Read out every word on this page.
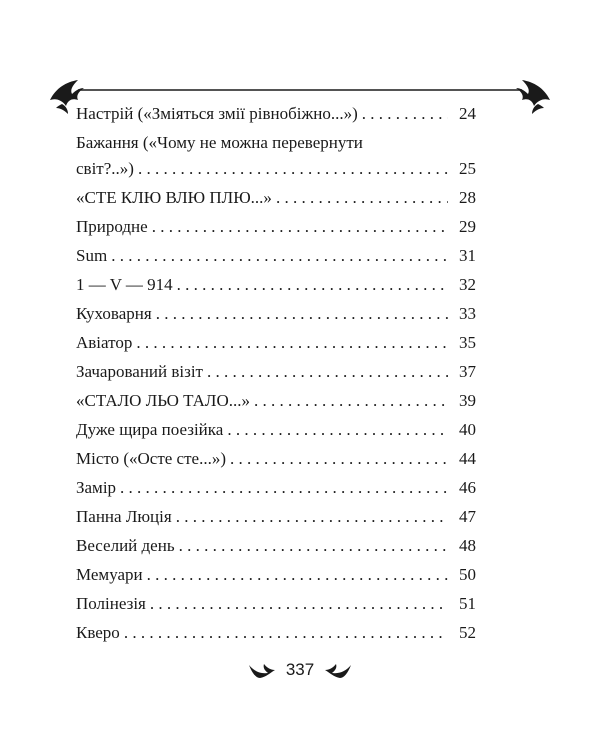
Настрій («Зміяться змії рівнобіжно...») . . .	24
Бажання («Чому не можна перевернути
світ?..») . . .	25
«СТЕ КЛЮ ВЛЮ ПЛЮ...» . . .	28
Природне . . .	29
Sum . . .	31
1 — V — 914 . . .	32
Куховарня . . .	33
Авіатор . . .	35
Зачарований візіт . . .	37
«СТАЛО ЛЬО ТАЛО...» . . .	39
Дуже щира поезійка . . .	40
Місто («Осте сте...») . . .	44
Замір . . .	46
Панна Люція . . .	47
Веселий день . . .	48
Мемуари . . .	50
Полінезія . . .	51
Кверо . . .	52
337
